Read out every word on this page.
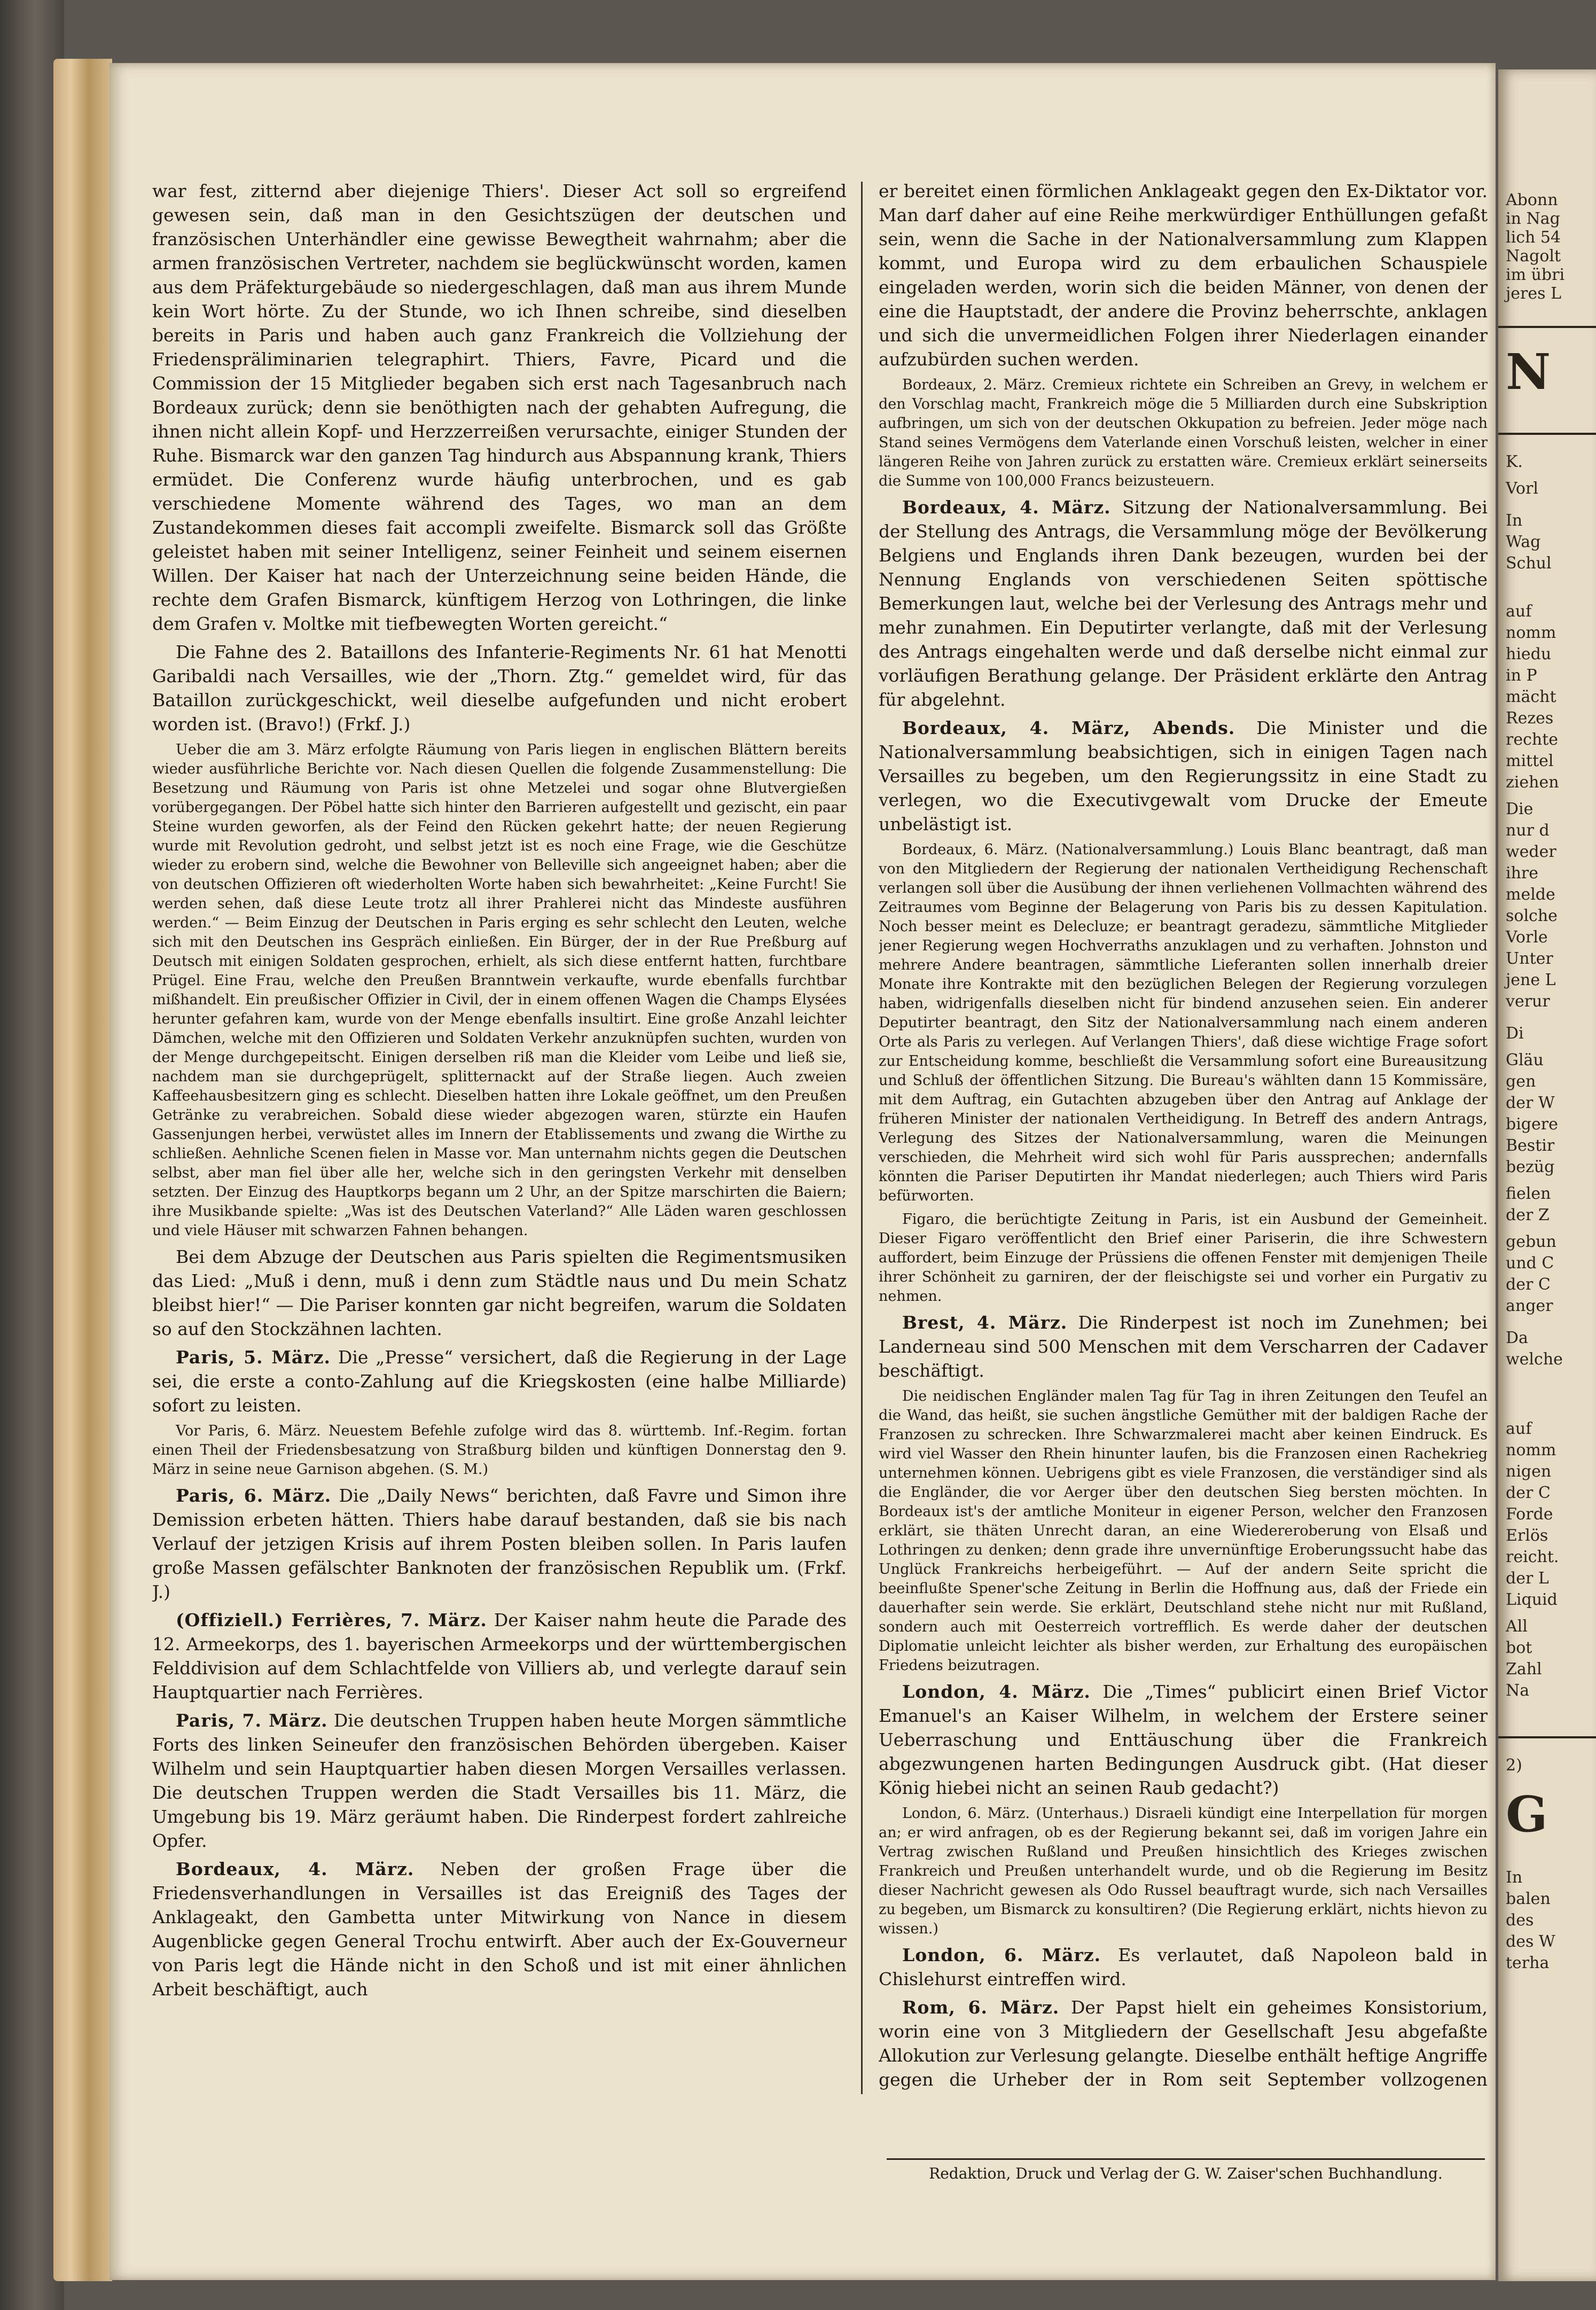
war fest, zitternd aber diejenige Thiers'. Dieser Act soll so ergreifend gewesen sein, daß man in den Gesichtszügen der deutschen und französischen Unterhändler eine gewisse Bewegtheit wahrnahm; aber die armen französischen Vertreter, nachdem sie beglückwünscht worden, kamen aus dem Präfekturgebäude so niedergeschlagen, daß man aus ihrem Munde kein Wort hörte. Zu der Stunde, wo ich Ihnen schreibe, sind dieselben bereits in Paris und haben auch ganz Frankreich die Vollziehung der Friedenspräliminarien telegraphirt. Thiers, Favre, Picard und die Commission der 15 Mitglieder begaben sich erst nach Tagesanbruch nach Bordeaux zurück; denn sie benöthigten nach der gehabten Aufregung, die ihnen nicht allein Kopf- und Herzzerreißen verursachte, einiger Stunden der Ruhe. Bismarck war den ganzen Tag hindurch aus Abspannung krank, Thiers ermüdet. Die Conferenz wurde häufig unterbrochen, und es gab verschiedene Momente während des Tages, wo man an dem Zustandekommen dieses fait accompli zweifelte. Bismarck soll das Größte geleistet haben mit seiner Intelligenz, seiner Feinheit und seinem eisernen Willen. Der Kaiser hat nach der Unterzeichnung seine beiden Hände, die rechte dem Grafen Bismarck, künftigem Herzog von Lothringen, die linke dem Grafen v. Moltke mit tiefbewegten Worten gereicht.“

Die Fahne des 2. Bataillons des Infanterie-Regiments Nr. 61 hat Menotti Garibaldi nach Versailles, wie der „Thorn. Ztg.“ gemeldet wird, für das Bataillon zurückgeschickt, weil dieselbe aufgefunden und nicht erobert worden ist. (Bravo!) (Frkf. J.)

Ueber die am 3. März erfolgte Räumung von Paris liegen in englischen Blättern bereits wieder ausführliche Berichte vor. Nach diesen Quellen die folgende Zusammenstellung: Die Besetzung und Räumung von Paris ist ohne Metzelei und sogar ohne Blutvergießen vorübergegangen. Der Pöbel hatte sich hinter den Barrieren aufgestellt und gezischt, ein paar Steine wurden geworfen, als der Feind den Rücken gekehrt hatte; der neuen Regierung wurde mit Revolution gedroht, und selbst jetzt ist es noch eine Frage, wie die Geschütze wieder zu erobern sind, welche die Bewohner von Belleville sich angeeignet haben; aber die von deutschen Offizieren oft wiederholten Worte haben sich bewahrheitet: „Keine Furcht! Sie werden sehen, daß diese Leute trotz all ihrer Prahlerei nicht das Mindeste ausführen werden.“ — Beim Einzug der Deutschen in Paris erging es sehr schlecht den Leuten, welche sich mit den Deutschen ins Gespräch einließen. Ein Bürger, der in der Rue Preßburg auf Deutsch mit einigen Soldaten gesprochen, erhielt, als sich diese entfernt hatten, furchtbare Prügel. Eine Frau, welche den Preußen Branntwein verkaufte, wurde ebenfalls furchtbar mißhandelt. Ein preußischer Offizier in Civil, der in einem offenen Wagen die Champs Elysées herunter gefahren kam, wurde von der Menge ebenfalls insultirt. Eine große Anzahl leichter Dämchen, welche mit den Offizieren und Soldaten Verkehr anzuknüpfen suchten, wurden von der Menge durchgepeitscht. Einigen derselben riß man die Kleider vom Leibe und ließ sie, nachdem man sie durchgeprügelt, splitternackt auf der Straße liegen. Auch zweien Kaffeehausbesitzern ging es schlecht. Dieselben hatten ihre Lokale geöffnet, um den Preußen Getränke zu verabreichen. Sobald diese wieder abgezogen waren, stürzte ein Haufen Gassenjungen herbei, verwüstet alles im Innern der Etablissements und zwang die Wirthe zu schließen. Aehnliche Scenen fielen in Masse vor. Man unternahm nichts gegen die Deutschen selbst, aber man fiel über alle her, welche sich in den geringsten Verkehr mit denselben setzten. Der Einzug des Hauptkorps begann um 2 Uhr, an der Spitze marschirten die Baiern; ihre Musikbande spielte: „Was ist des Deutschen Vaterland?“ Alle Läden waren geschlossen und viele Häuser mit schwarzen Fahnen behangen.

Bei dem Abzuge der Deutschen aus Paris spielten die Regimentsmusiken das Lied: „Muß i denn, muß i denn zum Städtle naus und Du mein Schatz bleibst hier!“ — Die Pariser konnten gar nicht begreifen, warum die Soldaten so auf den Stockzähnen lachten.

Paris, 5. März. Die „Presse“ versichert, daß die Regierung in der Lage sei, die erste a conto-Zahlung auf die Kriegskosten (eine halbe Milliarde) sofort zu leisten.

Vor Paris, 6. März. Neuestem Befehle zufolge wird das 8. württemb. Inf.-Regim. fortan einen Theil der Friedensbesatzung von Straßburg bilden und künftigen Donnerstag den 9. März in seine neue Garnison abgehen. (S. M.)

Paris, 6. März. Die „Daily News“ berichten, daß Favre und Simon ihre Demission erbeten hätten. Thiers habe darauf bestanden, daß sie bis nach Verlauf der jetzigen Krisis auf ihrem Posten bleiben sollen. In Paris laufen große Massen gefälschter Banknoten der französischen Republik um. (Frkf. J.)

(Offiziell.) Ferrières, 7. März. Der Kaiser nahm heute die Parade des 12. Armeekorps, des 1. bayerischen Armeekorps und der württembergischen Felddivision auf dem Schlachtfelde von Villiers ab, und verlegte darauf sein Hauptquartier nach Ferrières.

Paris, 7. März. Die deutschen Truppen haben heute Morgen sämmtliche Forts des linken Seineufer den französischen Behörden übergeben. Kaiser Wilhelm und sein Hauptquartier haben diesen Morgen Versailles verlassen. Die deutschen Truppen werden die Stadt Versailles bis 11. März, die Umgebung bis 19. März geräumt haben. Die Rinderpest fordert zahlreiche Opfer.

Bordeaux, 4. März. Neben der großen Frage über die Friedensverhandlungen in Versailles ist das Ereigniß des Tages der Anklageakt, den Gambetta unter Mitwirkung von Nance in diesem Augenblicke gegen General Trochu entwirft. Aber auch der Ex-Gouverneur von Paris legt die Hände nicht in den Schoß und ist mit einer ähnlichen Arbeit beschäftigt, auch

er bereitet einen förmlichen Anklageakt gegen den Ex-Diktator vor. Man darf daher auf eine Reihe merkwürdiger Enthüllungen gefaßt sein, wenn die Sache in der Nationalversammlung zum Klappen kommt, und Europa wird zu dem erbaulichen Schauspiele eingeladen werden, worin sich die beiden Männer, von denen der eine die Hauptstadt, der andere die Provinz beherrschte, anklagen und sich die unvermeidlichen Folgen ihrer Niederlagen einander aufzubürden suchen werden.

Bordeaux, 2. März. Cremieux richtete ein Schreiben an Grevy, in welchem er den Vorschlag macht, Frankreich möge die 5 Milliarden durch eine Subskription aufbringen, um sich von der deutschen Okkupation zu befreien. Jeder möge nach Stand seines Vermögens dem Vaterlande einen Vorschuß leisten, welcher in einer längeren Reihe von Jahren zurück zu erstatten wäre. Cremieux erklärt seinerseits die Summe von 100,000 Francs beizusteuern.

Bordeaux, 4. März. Sitzung der Nationalversammlung. Bei der Stellung des Antrags, die Versammlung möge der Bevölkerung Belgiens und Englands ihren Dank bezeugen, wurden bei der Nennung Englands von verschiedenen Seiten spöttische Bemerkungen laut, welche bei der Verlesung des Antrags mehr und mehr zunahmen. Ein Deputirter verlangte, daß mit der Verlesung des Antrags eingehalten werde und daß derselbe nicht einmal zur vorläufigen Berathung gelange. Der Präsident erklärte den Antrag für abgelehnt.

Bordeaux, 4. März, Abends. Die Minister und die Nationalversammlung beabsichtigen, sich in einigen Tagen nach Versailles zu begeben, um den Regierungssitz in eine Stadt zu verlegen, wo die Executivgewalt vom Drucke der Emeute unbelästigt ist.

Bordeaux, 6. März. (Nationalversammlung.) Louis Blanc beantragt, daß man von den Mitgliedern der Regierung der nationalen Vertheidigung Rechenschaft verlangen soll über die Ausübung der ihnen verliehenen Vollmachten während des Zeitraumes vom Beginne der Belagerung von Paris bis zu dessen Kapitulation. Noch besser meint es Delecluze; er beantragt geradezu, sämmtliche Mitglieder jener Regierung wegen Hochverraths anzuklagen und zu verhaften. Johnston und mehrere Andere beantragen, sämmtliche Lieferanten sollen innerhalb dreier Monate ihre Kontrakte mit den bezüglichen Belegen der Regierung vorzulegen haben, widrigenfalls dieselben nicht für bindend anzusehen seien. Ein anderer Deputirter beantragt, den Sitz der Nationalversammlung nach einem anderen Orte als Paris zu verlegen. Auf Verlangen Thiers', daß diese wichtige Frage sofort zur Entscheidung komme, beschließt die Versammlung sofort eine Bureausitzung und Schluß der öffentlichen Sitzung. Die Bureau's wählten dann 15 Kommissäre, mit dem Auftrag, ein Gutachten abzugeben über den Antrag auf Anklage der früheren Minister der nationalen Vertheidigung. In Betreff des andern Antrags, Verlegung des Sitzes der Nationalversammlung, waren die Meinungen verschieden, die Mehrheit wird sich wohl für Paris aussprechen; andernfalls könnten die Pariser Deputirten ihr Mandat niederlegen; auch Thiers wird Paris befürworten.

Figaro, die berüchtigte Zeitung in Paris, ist ein Ausbund der Gemeinheit. Dieser Figaro veröffentlicht den Brief einer Pariserin, die ihre Schwestern auffordert, beim Einzuge der Prüssiens die offenen Fenster mit demjenigen Theile ihrer Schönheit zu garniren, der der fleischigste sei und vorher ein Purgativ zu nehmen.

Brest, 4. März. Die Rinderpest ist noch im Zunehmen; bei Landerneau sind 500 Menschen mit dem Verscharren der Cadaver beschäftigt.

Die neidischen Engländer malen Tag für Tag in ihren Zeitungen den Teufel an die Wand, das heißt, sie suchen ängstliche Gemüther mit der baldigen Rache der Franzosen zu schrecken. Ihre Schwarzmalerei macht aber keinen Eindruck. Es wird viel Wasser den Rhein hinunter laufen, bis die Franzosen einen Rachekrieg unternehmen können. Uebrigens gibt es viele Franzosen, die verständiger sind als die Engländer, die vor Aerger über den deutschen Sieg bersten möchten. In Bordeaux ist's der amtliche Moniteur in eigener Person, welcher den Franzosen erklärt, sie thäten Unrecht daran, an eine Wiedereroberung von Elsaß und Lothringen zu denken; denn grade ihre unvernünftige Eroberungssucht habe das Unglück Frankreichs herbeigeführt. — Auf der andern Seite spricht die beeinflußte Spener'sche Zeitung in Berlin die Hoffnung aus, daß der Friede ein dauerhafter sein werde. Sie erklärt, Deutschland stehe nicht nur mit Rußland, sondern auch mit Oesterreich vortrefflich. Es werde daher der deutschen Diplomatie unleicht leichter als bisher werden, zur Erhaltung des europäischen Friedens beizutragen.

London, 4. März. Die „Times“ publicirt einen Brief Victor Emanuel's an Kaiser Wilhelm, in welchem der Erstere seiner Ueberraschung und Enttäuschung über die Frankreich abgezwungenen harten Bedingungen Ausdruck gibt. (Hat dieser König hiebei nicht an seinen Raub gedacht?)

London, 6. März. (Unterhaus.) Disraeli kündigt eine Interpellation für morgen an; er wird anfragen, ob es der Regierung bekannt sei, daß im vorigen Jahre ein Vertrag zwischen Rußland und Preußen hinsichtlich des Krieges zwischen Frankreich und Preußen unterhandelt wurde, und ob die Regierung im Besitz dieser Nachricht gewesen als Odo Russel beauftragt wurde, sich nach Versailles zu begeben, um Bismarck zu konsultiren? (Die Regierung erklärt, nichts hievon zu wissen.)

London, 6. März. Es verlautet, daß Napoleon bald in Chislehurst eintreffen wird.

Rom, 6. März. Der Papst hielt ein geheimes Konsistorium, worin eine von 3 Mitgliedern der Gesellschaft Jesu abgefaßte Allokution zur Verlesung gelangte. Dieselbe enthält heftige Angriffe gegen die Urheber der in Rom seit September vollzogenen

Redaktion, Druck und Verlag der G. W. Zaiser'schen Buchhandlung.
Abonn
in Nag
lich 54
Nagolt
im übri
jeres L
N
K.
Vorl
In
Wag
Schul
auf
nomm
hiedu
in P
mächt
Rezes
rechte
mittel
ziehen
Die
nur d
weder
ihre
melde
solche
Vorle
Unter
jene L
verur
Di
Gläu
gen
der W
bigere
Bestir
bezüg
fielen
der Z
gebun
und C
der C
anger
Da
welche
auf
nomm
nigen
der C
Forde
Erlös
reicht.
der L
Liquid
All
bot
Zahl
Na
2)
G
In
balen
des
des W
terha
